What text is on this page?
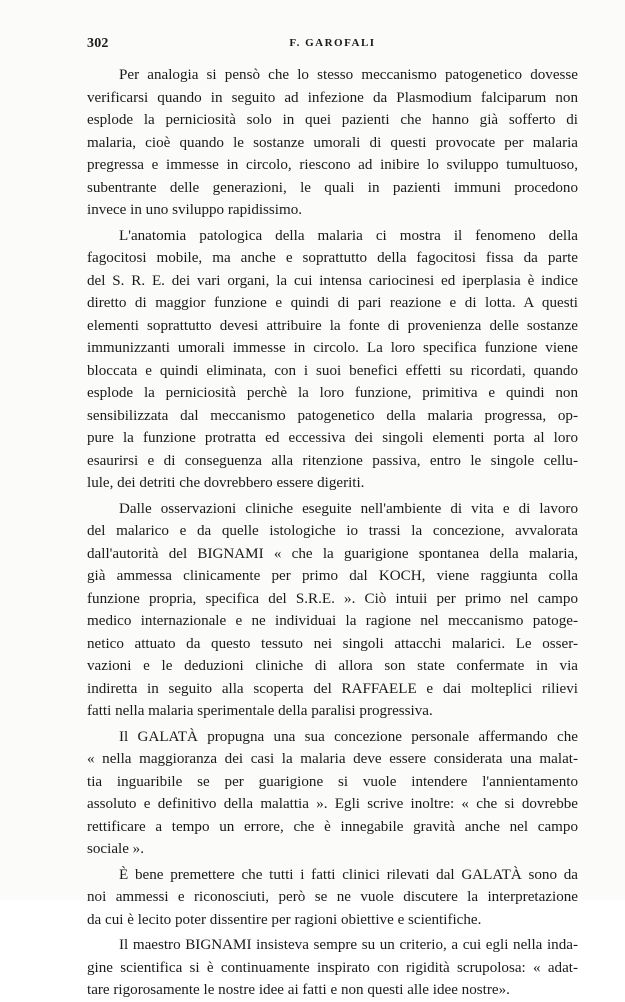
302	F. GAROFALI
Per analogia si pensò che lo stesso meccanismo patogenetico dovesse
verificarsi quando in seguito ad infezione da Plasmodium falciparum non
esplode la perniciosità solo in quei pazienti che hanno già sofferto di
malaria, cioè quando le sostanze umorali di questi provocate per malaria
pregressa e immesse in circolo, riescono ad inibire lo sviluppo tumultuoso,
subentrante delle generazioni, le quali in pazienti immuni procedono
invece in uno sviluppo rapidissimo.
L'anatomia patologica della malaria ci mostra il fenomeno della
fagocitosi mobile, ma anche e soprattutto della fagocitosi fissa da parte
del S. R. E. dei vari organi, la cui intensa cariocinesi ed iperplasia è indice
diretto di maggior funzione e quindi di pari reazione e di lotta. A questi
elementi soprattutto devesi attribuire la fonte di provenienza delle sostanze
immunizzanti umorali immesse in circolo. La loro specifica funzione viene
bloccata e quindi eliminata, con i suoi benefici effetti su ricordati, quando
esplode la perniciosità perchè la loro funzione, primitiva e quindi non
sensibilizzata dal meccanismo patogenetico della malaria progressa, op-
pure la funzione protratta ed eccessiva dei singoli elementi porta al loro
esaurirsi e di conseguenza alla ritenzione passiva, entro le singole cellu-
lule, dei detriti che dovrebbero essere digeriti.
Dalle osservazioni cliniche eseguite nell'ambiente di vita e di lavoro
del malarico e da quelle istologiche io trassi la concezione, avvalorata
dall'autorità del BIGNAMI « che la guarigione spontanea della malaria,
già ammessa clinicamente per primo dal KOCH, viene raggiunta colla
funzione propria, specifica del S.R.E. ». Ciò intuii per primo nel campo
medico internazionale e ne individuai la ragione nel meccanismo patoge-
netico attuato da questo tessuto nei singoli attacchi malarici. Le osser-
vazioni e le deduzioni cliniche di allora son state confermate in via
indiretta in seguito alla scoperta del RAFFAELE e dai molteplici rilievi
fatti nella malaria sperimentale della paralisi progressiva.
Il GALATÀ propugna una sua concezione personale affermando che
« nella maggioranza dei casi la malaria deve essere considerata una malat-
tia inguaribile se per guarigione si vuole intendere l'annientamento
assoluto e definitivo della malattia ». Egli scrive inoltre: « che si dovrebbe
rettificare a tempo un errore, che è innegabile gravità anche nel campo
sociale ».
È bene premettere che tutti i fatti clinici rilevati dal GALATÀ sono da
noi ammessi e riconosciuti, però se ne vuole discutere la interpretazione
da cui è lecito poter dissentire per ragioni obiettive e scientifiche.
Il maestro BIGNAMI insisteva sempre su un criterio, a cui egli nella inda-
gine scientifica si è continuamente inspirato con rigidità scrupolosa: « adat-
tare rigorosamente le nostre idee ai fatti e non questi alle idee nostre».
